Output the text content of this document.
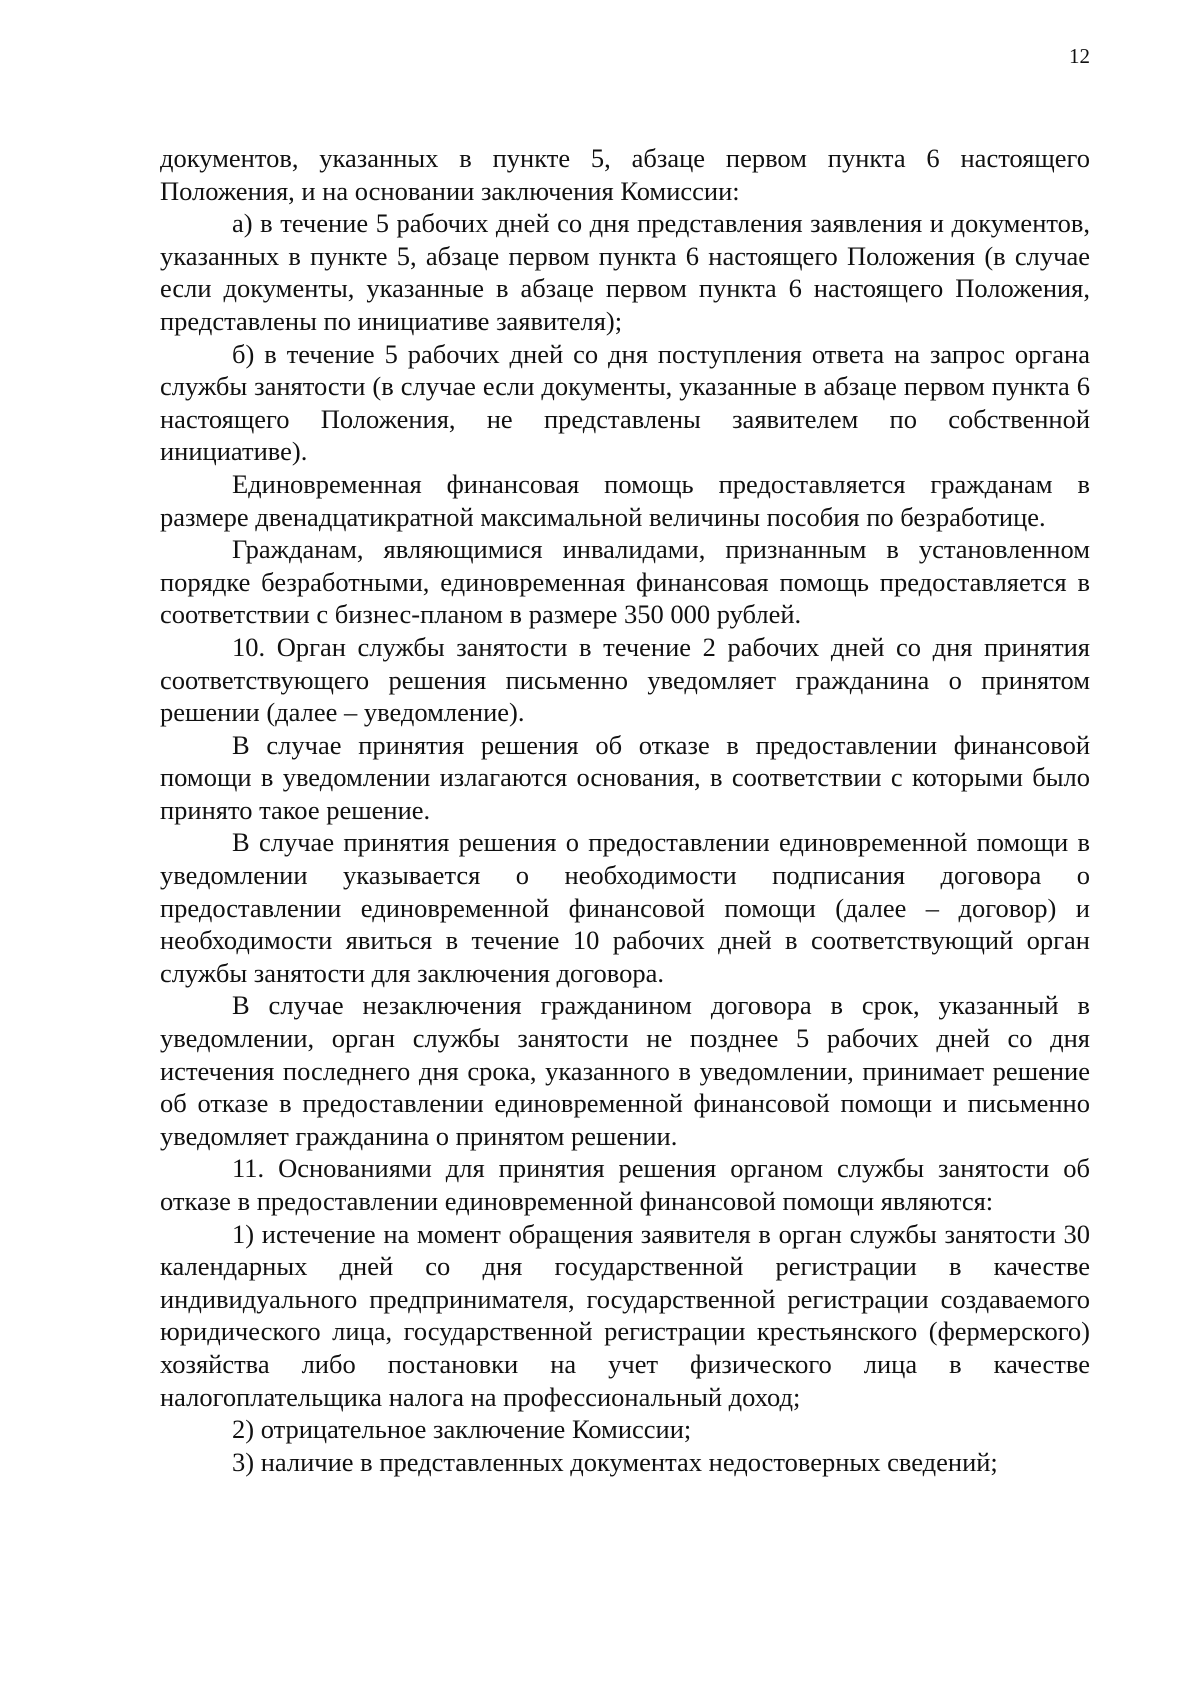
12

документов, указанных в пункте 5, абзаце первом пункта 6 настоящего Положения, и на основании заключения Комиссии:

а) в течение 5 рабочих дней со дня представления заявления и документов, указанных в пункте 5, абзаце первом пункта 6 настоящего Положения (в случае если документы, указанные в абзаце первом пункта 6 настоящего Положения, представлены по инициативе заявителя);

б) в течение 5 рабочих дней со дня поступления ответа на запрос органа службы занятости (в случае если документы, указанные в абзаце первом пункта 6 настоящего Положения, не представлены заявителем по собственной инициативе).

Единовременная финансовая помощь предоставляется гражданам в размере двенадцатикратной максимальной величины пособия по безработице.

Гражданам, являющимися инвалидами, признанным в установленном порядке безработными, единовременная финансовая помощь предоставляется в соответствии с бизнес-планом в размере 350 000 рублей.

10. Орган службы занятости в течение 2 рабочих дней со дня принятия соответствующего решения письменно уведомляет гражданина о принятом решении (далее – уведомление).

В случае принятия решения об отказе в предоставлении финансовой помощи в уведомлении излагаются основания, в соответствии с которыми было принято такое решение.

В случае принятия решения о предоставлении единовременной помощи в уведомлении указывается о необходимости подписания договора о предоставлении единовременной финансовой помощи (далее – договор) и необходимости явиться в течение 10 рабочих дней в соответствующий орган службы занятости для заключения договора.

В случае незаключения гражданином договора в срок, указанный в уведомлении, орган службы занятости не позднее 5 рабочих дней со дня истечения последнего дня срока, указанного в уведомлении, принимает решение об отказе в предоставлении единовременной финансовой помощи и письменно уведомляет гражданина о принятом решении.

11. Основаниями для принятия решения органом службы занятости об отказе в предоставлении единовременной финансовой помощи являются:

1) истечение на момент обращения заявителя в орган службы занятости 30 календарных дней со дня государственной регистрации в качестве индивидуального предпринимателя, государственной регистрации создаваемого юридического лица, государственной регистрации крестьянского (фермерского) хозяйства либо постановки на учет физического лица в качестве налогоплательщика налога на профессиональный доход;

2) отрицательное заключение Комиссии;

3) наличие в представленных документах недостоверных сведений;
